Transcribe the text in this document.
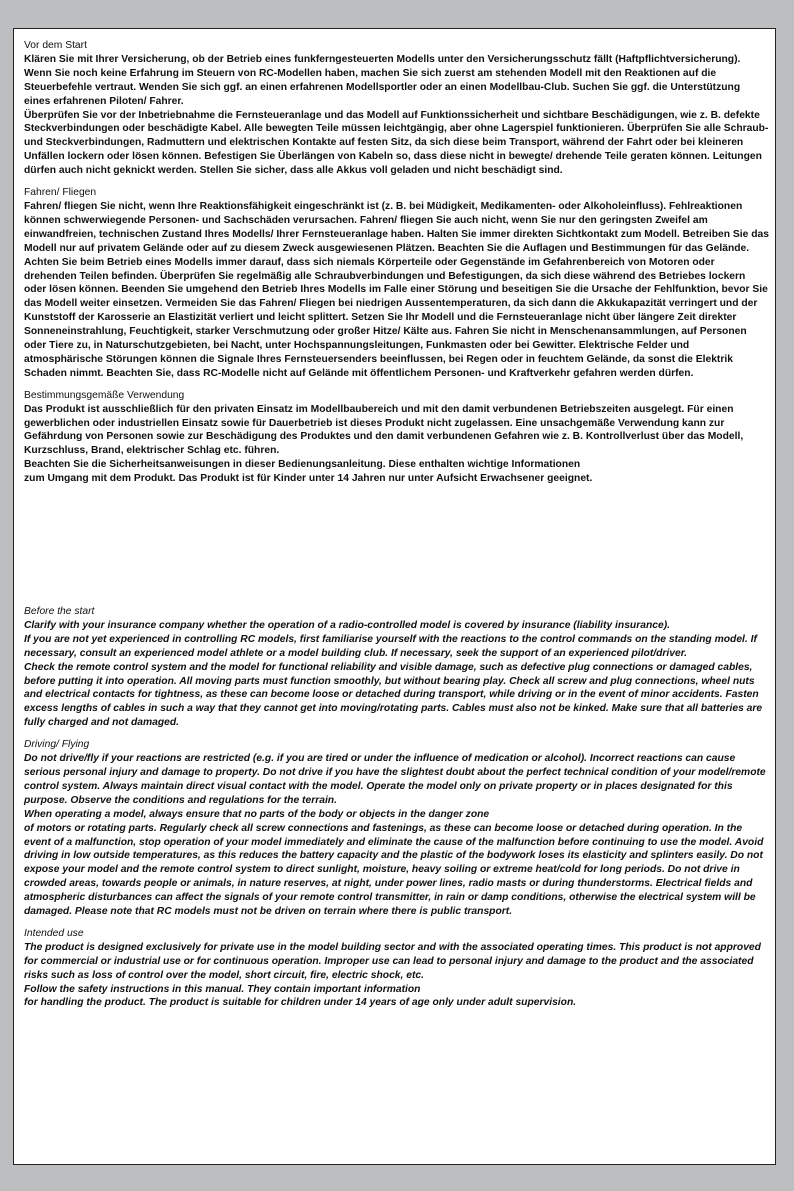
Vor dem Start
Klären Sie mit Ihrer Versicherung, ob der Betrieb eines funkferngesteuerten Modells unter den Versicherungsschutz fällt (Haftpflichtversicherung).
Wenn Sie noch keine Erfahrung im Steuern von RC-Modellen haben, machen Sie sich zuerst am stehenden Modell mit den Reaktionen auf die Steuerbefehle vertraut. Wenden Sie sich ggf. an einen erfahrenen Modellsportler oder an einen Modellbau-Club. Suchen Sie ggf. die Unterstützung eines erfahrenen Piloten/ Fahrer.
Überprüfen Sie vor der Inbetriebnahme die Fernsteueranlage und das Modell auf Funktionssicherheit und sichtbare Beschädigungen, wie z. B. defekte Steckverbindungen oder beschädigte Kabel. Alle bewegten Teile müssen leichtgängig, aber ohne Lagerspiel funktionieren. Überprüfen Sie alle Schraub- und Steckverbindungen, Radmuttern und elektrischen Kontakte auf festen Sitz, da sich diese beim Transport, während der Fahrt oder bei kleineren Unfällen lockern oder lösen können. Befestigen Sie Überlängen von Kabeln so, dass diese nicht in bewegte/ drehende Teile geraten können. Leitungen dürfen auch nicht geknickt werden. Stellen Sie sicher, dass alle Akkus voll geladen und nicht beschädigt sind.
Fahren/ Fliegen
Fahren/ fliegen Sie nicht, wenn Ihre Reaktionsfähigkeit eingeschränkt ist (z. B. bei Müdigkeit, Medikamenten- oder Alkoholeinfluss). Fehlreaktionen können schwerwiegende Personen- und Sachschäden verursachen. Fahren/ fliegen Sie auch nicht, wenn Sie nur den geringsten Zweifel am einwandfreien, technischen Zustand Ihres Modells/ Ihrer Fernsteueranlage haben. Halten Sie immer direkten Sichtkontakt zum Modell. Betreiben Sie das Modell nur auf privatem Gelände oder auf zu diesem Zweck ausgewiesenen Plätzen. Beachten Sie die Auflagen und Bestimmungen für das Gelände.
Achten Sie beim Betrieb eines Modells immer darauf, dass sich niemals Körperteile oder Gegenstände im Gefahrenbereich von Motoren oder drehenden Teilen befinden. Überprüfen Sie regelmäßig alle Schraubverbindungen und Befestigungen, da sich diese während des Betriebes lockern oder lösen können. Beenden Sie umgehend den Betrieb Ihres Modells im Falle einer Störung und beseitigen Sie die Ursache der Fehlfunktion, bevor Sie das Modell weiter einsetzen. Vermeiden Sie das Fahren/ Fliegen bei niedrigen Aussentemperaturen, da sich dann die Akkukapazität verringert und der Kunststoff der Karosserie an Elastizität verliert und leicht splittert. Setzen Sie Ihr Modell und die Fernsteueranlage nicht über längere Zeit direkter Sonneneinstrahlung, Feuchtigkeit, starker Verschmutzung oder großer Hitze/ Kälte aus. Fahren Sie nicht in Menschenansammlungen, auf Personen oder Tiere zu, in Naturschutzgebieten, bei Nacht, unter Hochspannungsleitungen, Funkmasten oder bei Gewitter. Elektrische Felder und atmosphärische Störungen können die Signale Ihres Fernsteuersenders beeinflussen, bei Regen oder in feuchtem Gelände, da sonst die Elektrik Schaden nimmt. Beachten Sie, dass RC-Modelle nicht auf Gelände mit öffentlichem Personen- und Kraftverkehr gefahren werden dürfen.
Bestimmungsgemäße Verwendung
Das Produkt ist ausschließlich für den privaten Einsatz im Modellbaubereich und mit den damit verbundenen Betriebszeiten ausgelegt. Für einen gewerblichen oder industriellen Einsatz sowie für Dauerbetrieb ist dieses Produkt nicht zugelassen. Eine unsachgemäße Verwendung kann zur Gefährdung von Personen sowie zur Beschädigung des Produktes und den damit verbundenen Gefahren wie z. B. Kontrollverlust über das Modell, Kurzschluss, Brand, elektrischer Schlag etc. führen.
Beachten Sie die Sicherheitsanweisungen in dieser Bedienungsanleitung. Diese enthalten wichtige Informationen
zum Umgang mit dem Produkt. Das Produkt ist für Kinder unter 14 Jahren nur unter Aufsicht Erwachsener geeignet.
Before the start
Clarify with your insurance company whether the operation of a radio-controlled model is covered by insurance (liability insurance).
If you are not yet experienced in controlling RC models, first familiarise yourself with the reactions to the control commands on the standing model. If necessary, consult an experienced model athlete or a model building club. If necessary, seek the support of an experienced pilot/driver.
Check the remote control system and the model for functional reliability and visible damage, such as defective plug connections or damaged cables, before putting it into operation. All moving parts must function smoothly, but without bearing play. Check all screw and plug connections, wheel nuts and electrical contacts for tightness, as these can become loose or detached during transport, while driving or in the event of minor accidents. Fasten excess lengths of cables in such a way that they cannot get into moving/rotating parts. Cables must also not be kinked. Make sure that all batteries are fully charged and not damaged.
Driving/ Flying
Do not drive/fly if your reactions are restricted (e.g. if you are tired or under the influence of medication or alcohol). Incorrect reactions can cause serious personal injury and damage to property. Do not drive if you have the slightest doubt about the perfect technical condition of your model/remote control system. Always maintain direct visual contact with the model. Operate the model only on private property or in places designated for this purpose. Observe the conditions and regulations for the terrain.
When operating a model, always ensure that no parts of the body or objects in the danger zone
of motors or rotating parts. Regularly check all screw connections and fastenings, as these can become loose or detached during operation. In the event of a malfunction, stop operation of your model immediately and eliminate the cause of the malfunction before continuing to use the model. Avoid driving in low outside temperatures, as this reduces the battery capacity and the plastic of the bodywork loses its elasticity and splinters easily. Do not expose your model and the remote control system to direct sunlight, moisture, heavy soiling or extreme heat/cold for long periods. Do not drive in crowded areas, towards people or animals, in nature reserves, at night, under power lines, radio masts or during thunderstorms. Electrical fields and atmospheric disturbances can affect the signals of your remote control transmitter, in rain or damp conditions, otherwise the electrical system will be damaged. Please note that RC models must not be driven on terrain where there is public transport.
Intended use
The product is designed exclusively for private use in the model building sector and with the associated operating times. This product is not approved for commercial or industrial use or for continuous operation. Improper use can lead to personal injury and damage to the product and the associated risks such as loss of control over the model, short circuit, fire, electric shock, etc.
Follow the safety instructions in this manual. They contain important information
for handling the product. The product is suitable for children under 14 years of age only under adult supervision.
